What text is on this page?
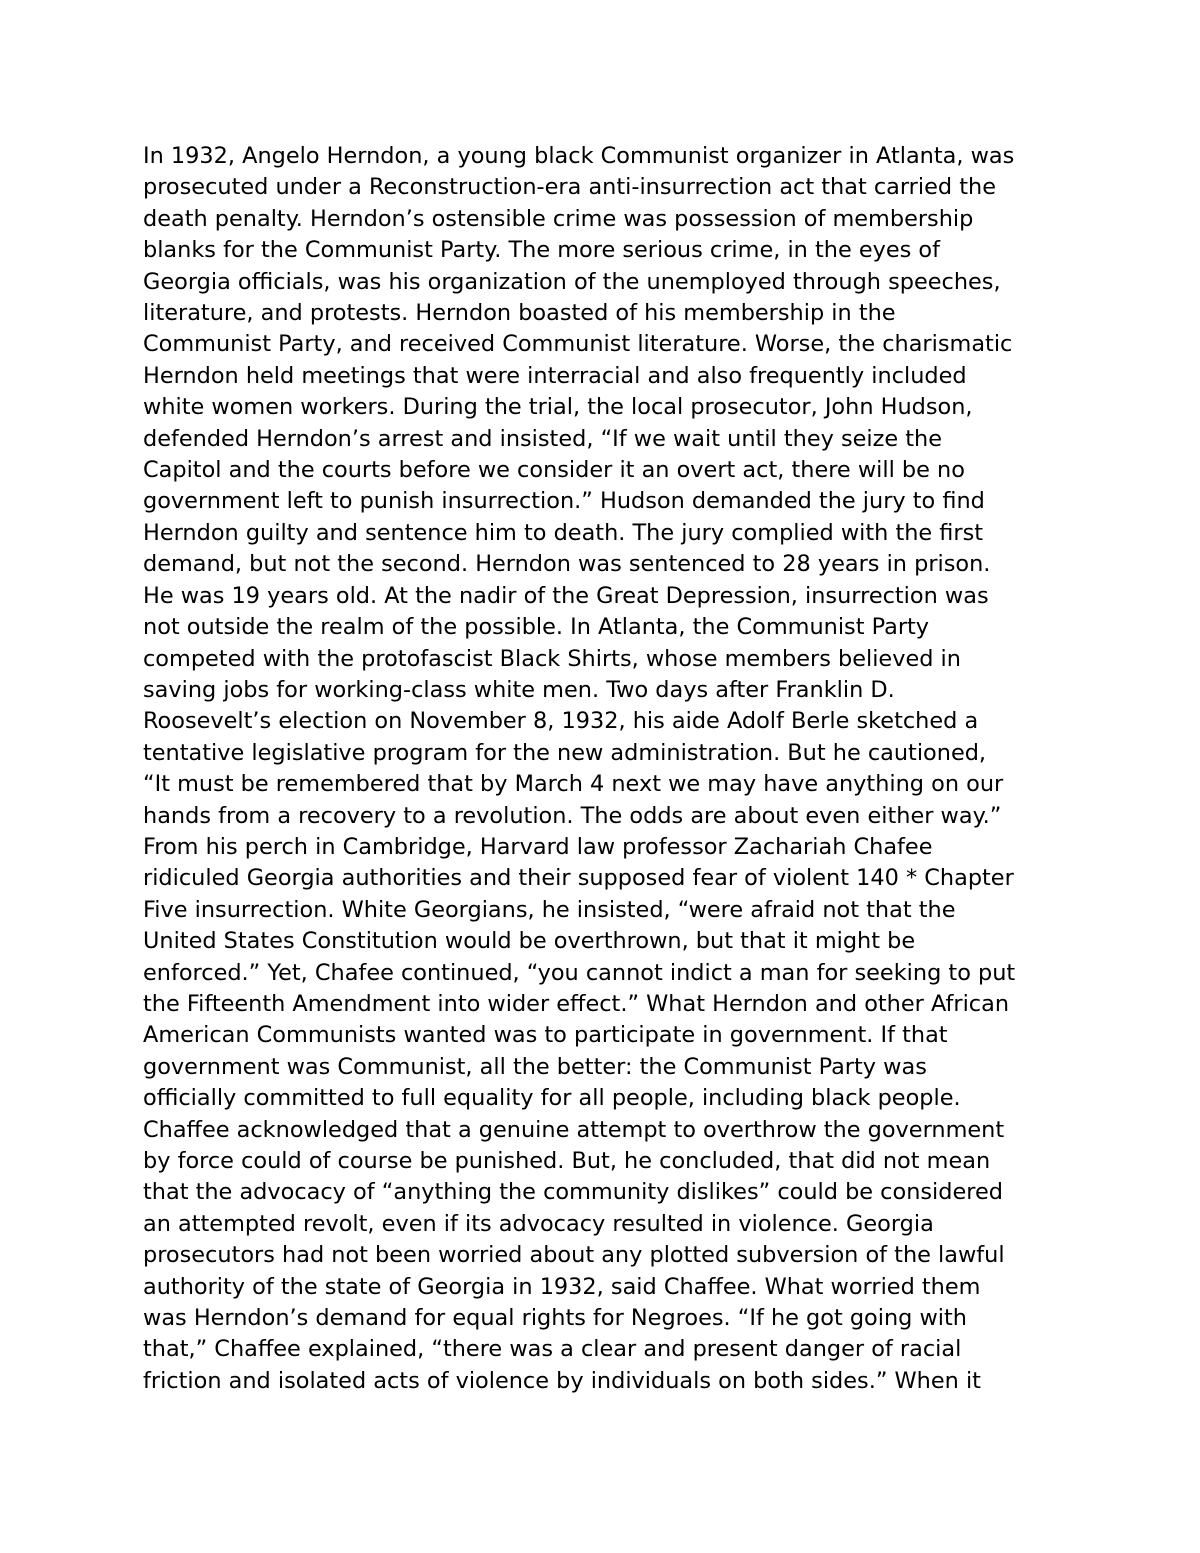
In 1932, Angelo Herndon, a young black Communist organizer in Atlanta, was
prosecuted under a Reconstruction-era anti-insurrection act that carried the
death penalty. Herndon’s ostensible crime was possession of membership
blanks for the Communist Party. The more serious crime, in the eyes of
Georgia officials, was his organization of the unemployed through speeches,
literature, and protests. Herndon boasted of his membership in the
Communist Party, and received Communist literature. Worse, the charismatic
Herndon held meetings that were interracial and also frequently included
white women workers. During the trial, the local prosecutor, John Hudson,
defended Herndon’s arrest and insisted, “If we wait until they seize the
Capitol and the courts before we consider it an overt act, there will be no
government left to punish insurrection.” Hudson demanded the jury to find
Herndon guilty and sentence him to death. The jury complied with the first
demand, but not the second. Herndon was sentenced to 28 years in prison.
He was 19 years old. At the nadir of the Great Depression, insurrection was
not outside the realm of the possible. In Atlanta, the Communist Party
competed with the protofascist Black Shirts, whose members believed in
saving jobs for working-class white men. Two days after Franklin D.
Roosevelt’s election on November 8, 1932, his aide Adolf Berle sketched a
tentative legislative program for the new administration. But he cautioned,
“It must be remembered that by March 4 next we may have anything on our
hands from a recovery to a revolution. The odds are about even either way.”
From his perch in Cambridge, Harvard law professor Zachariah Chafee
ridiculed Georgia authorities and their supposed fear of violent 140 * Chapter
Five insurrection. White Georgians, he insisted, “were afraid not that the
United States Constitution would be overthrown, but that it might be
enforced.” Yet, Chafee continued, “you cannot indict a man for seeking to put
the Fifteenth Amendment into wider effect.” What Herndon and other African
American Communists wanted was to participate in government. If that
government was Communist, all the better: the Communist Party was
officially committed to full equality for all people, including black people.
Chaffee acknowledged that a genuine attempt to overthrow the government
by force could of course be punished. But, he concluded, that did not mean
that the advocacy of “anything the community dislikes” could be considered
an attempted revolt, even if its advocacy resulted in violence. Georgia
prosecutors had not been worried about any plotted subversion of the lawful
authority of the state of Georgia in 1932, said Chaffee. What worried them
was Herndon’s demand for equal rights for Negroes. “If he got going with
that,” Chaffee explained, “there was a clear and present danger of racial
friction and isolated acts of violence by individuals on both sides.” When it
